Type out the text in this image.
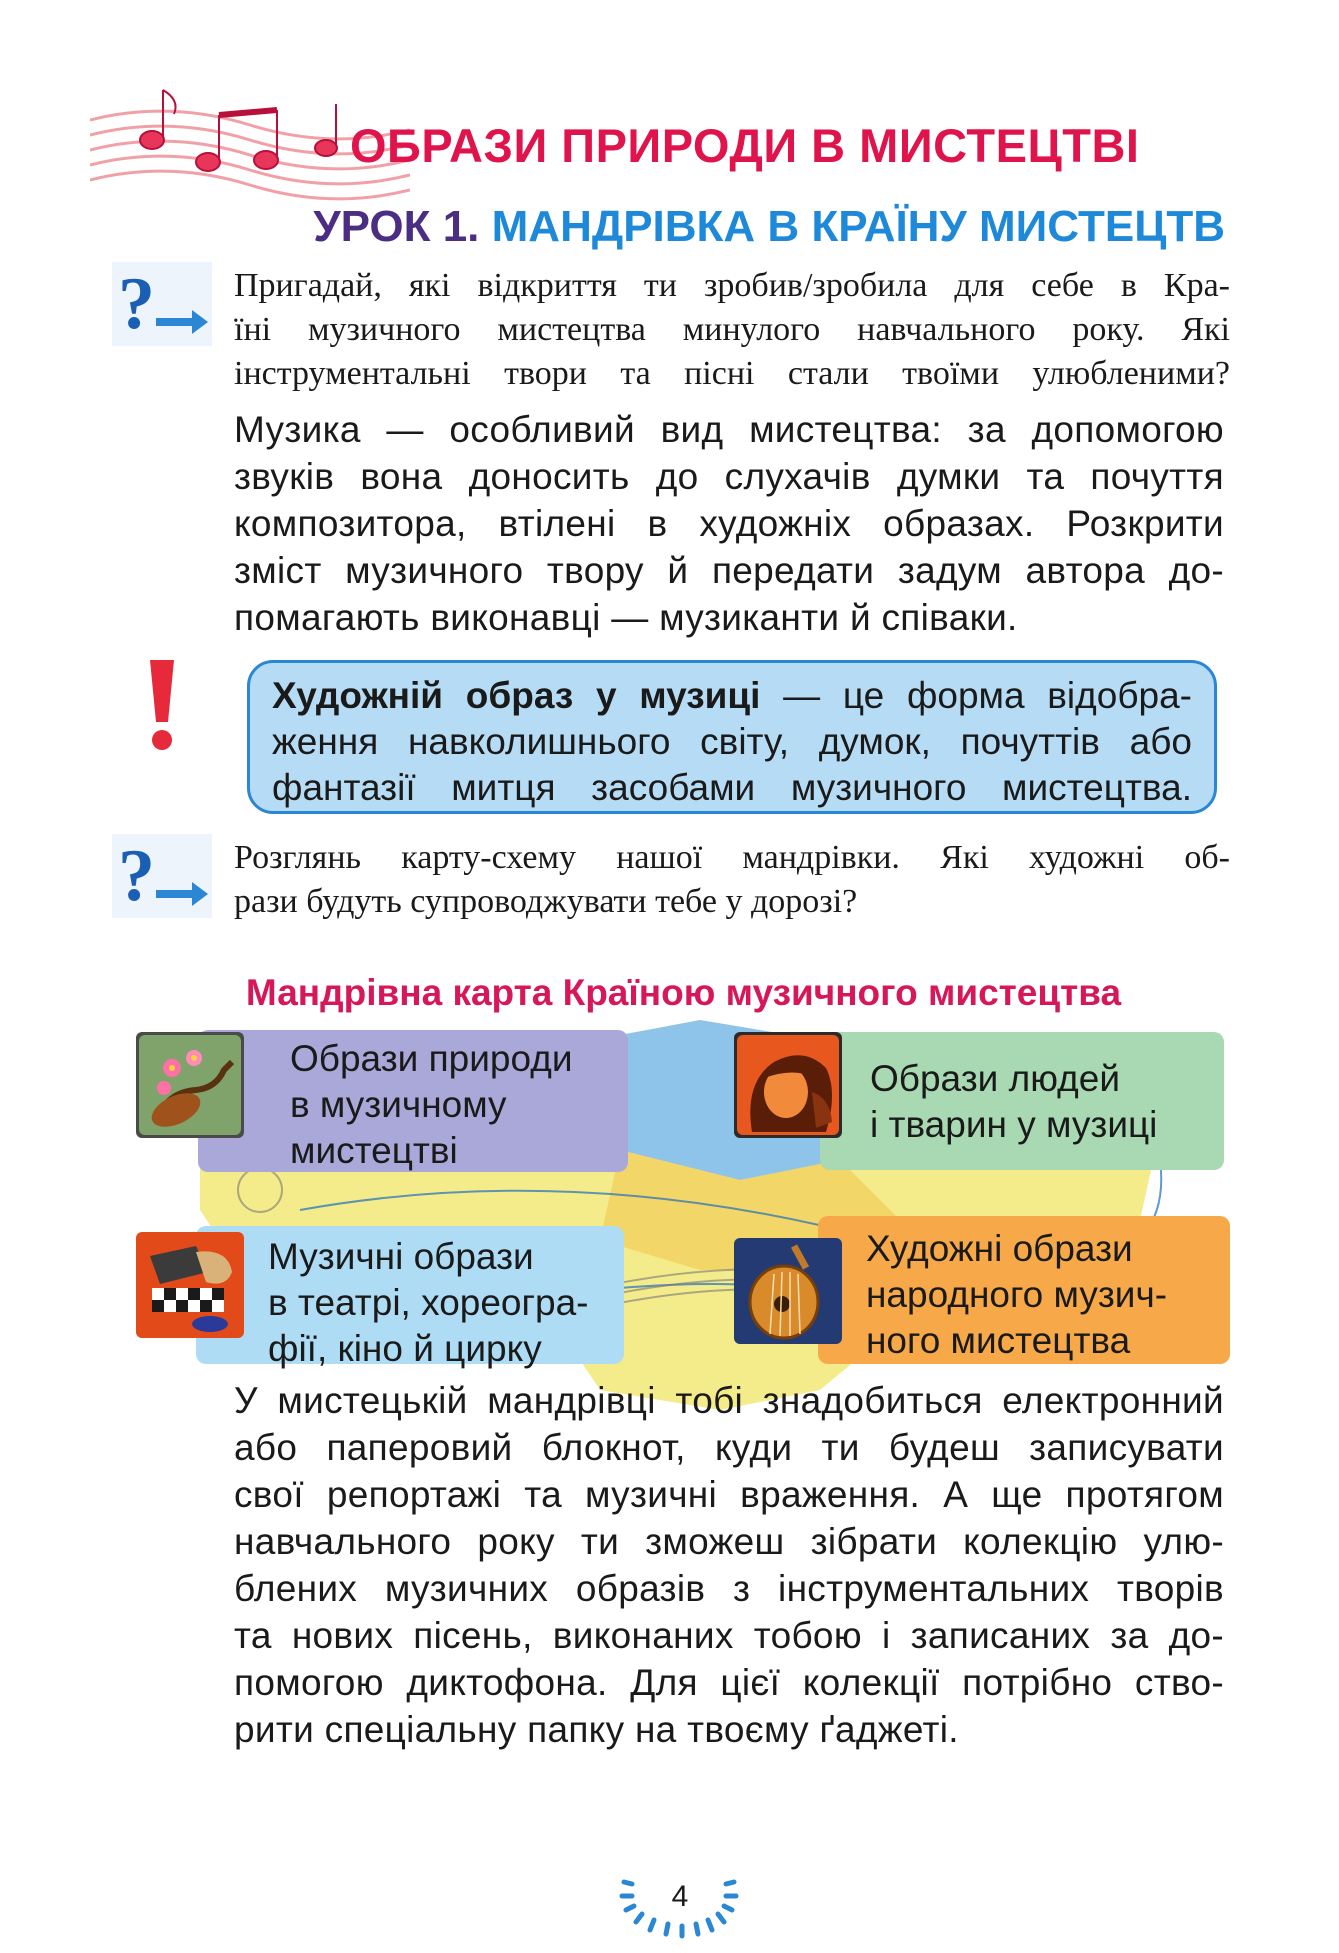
ОБРАЗИ ПРИРОДИ В МИСТЕЦТВІ
УРОК 1. МАНДРІВКА В КРАЇНУ МИСТЕЦТВ
? Пригадай, які відкриття ти зробив/зробила для себе в Кра-
їні музичного мистецтва минулого навчального року. Які
інструментальні твори та пісні стали твоїми улюбленими?
Музика — особливий вид мистецтва: за допомогою
звуків вона доносить до слухачів думки та почуття
композитора, втілені в художніх образах. Розкрити
зміст музичного твору й передати задум автора до-
помагають виконавці — музиканти й співаки.
Художній образ у музиці — це форма відобра-
ження навколишнього світу, думок, почуттів або
фантазії митця засобами музичного мистецтва.
? Розглянь карту-схему нашої мандрівки. Які художні об-
рази будуть супроводжувати тебе у дорозі?
Мандрівна карта Країною музичного мистецтва
Образи природи
в музичному
мистецтві
Образи людей
і тварин у музиці
Музичні образи
в театрі, хореогра-
фії, кіно й цирку
Художні образи
народного музич-
ного мистецтва
У мистецькій мандрівці тобі знадобиться електронний
або паперовий блокнот, куди ти будеш записувати
свої репортажі та музичні враження. А ще протягом
навчального року ти зможеш зібрати колекцію улю-
блених музичних образів з інструментальних творів
та нових пісень, виконаних тобою і записаних за до-
помогою диктофона. Для цієї колекції потрібно ство-
рити спеціальну папку на твоєму ґаджеті.
4
